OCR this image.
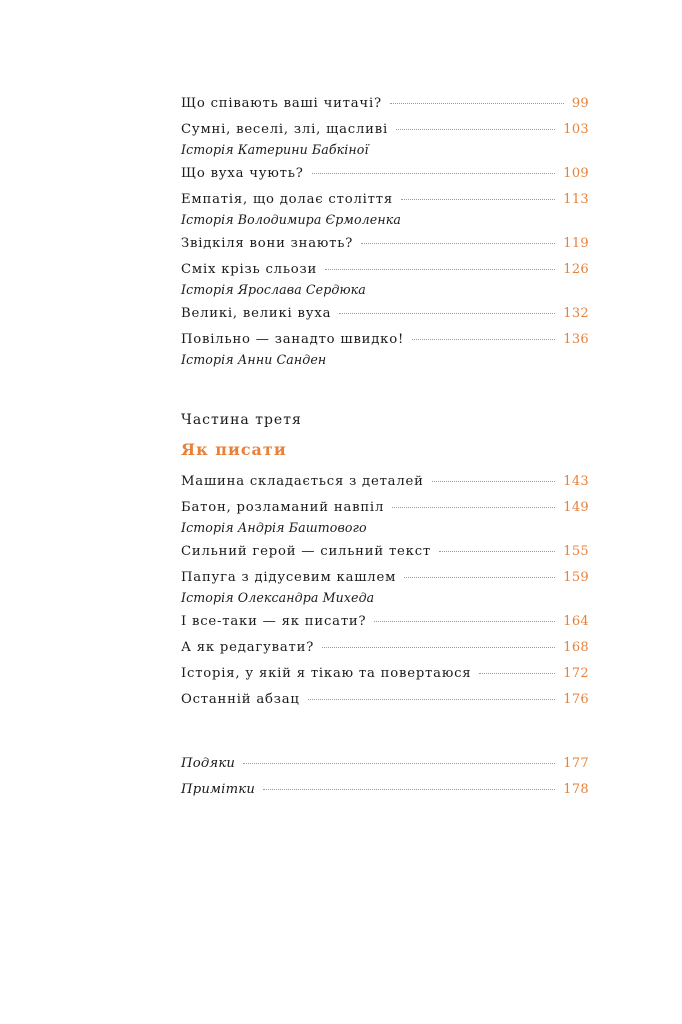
Що співають ваші читачі?	99
Сумні, веселі, злі, щасливі	103
Історія Катерини Бабкіної
Що вуха чують?	109
Емпатія, що долає століття	113
Історія Володимира Єрмоленка
Звідкіля вони знають?	119
Сміх крізь сльози	126
Історія Ярослава Сердюка
Великі, великі вуха	132
Повільно — занадто швидко!	136
Історія Анни Санден
Частина третя
Як писати
Машина складається з деталей	143
Батон, розламаний навпіл	149
Історія Андрія Баштового
Сильний герой — сильний текст	155
Папуга з дідусевим кашлем	159
Історія Олександра Михеда
І все-таки — як писати?	164
А як редагувати?	168
Історія, у якій я тікаю та повертаюся	172
Останній абзац	176
Подяки	177
Примітки	178
